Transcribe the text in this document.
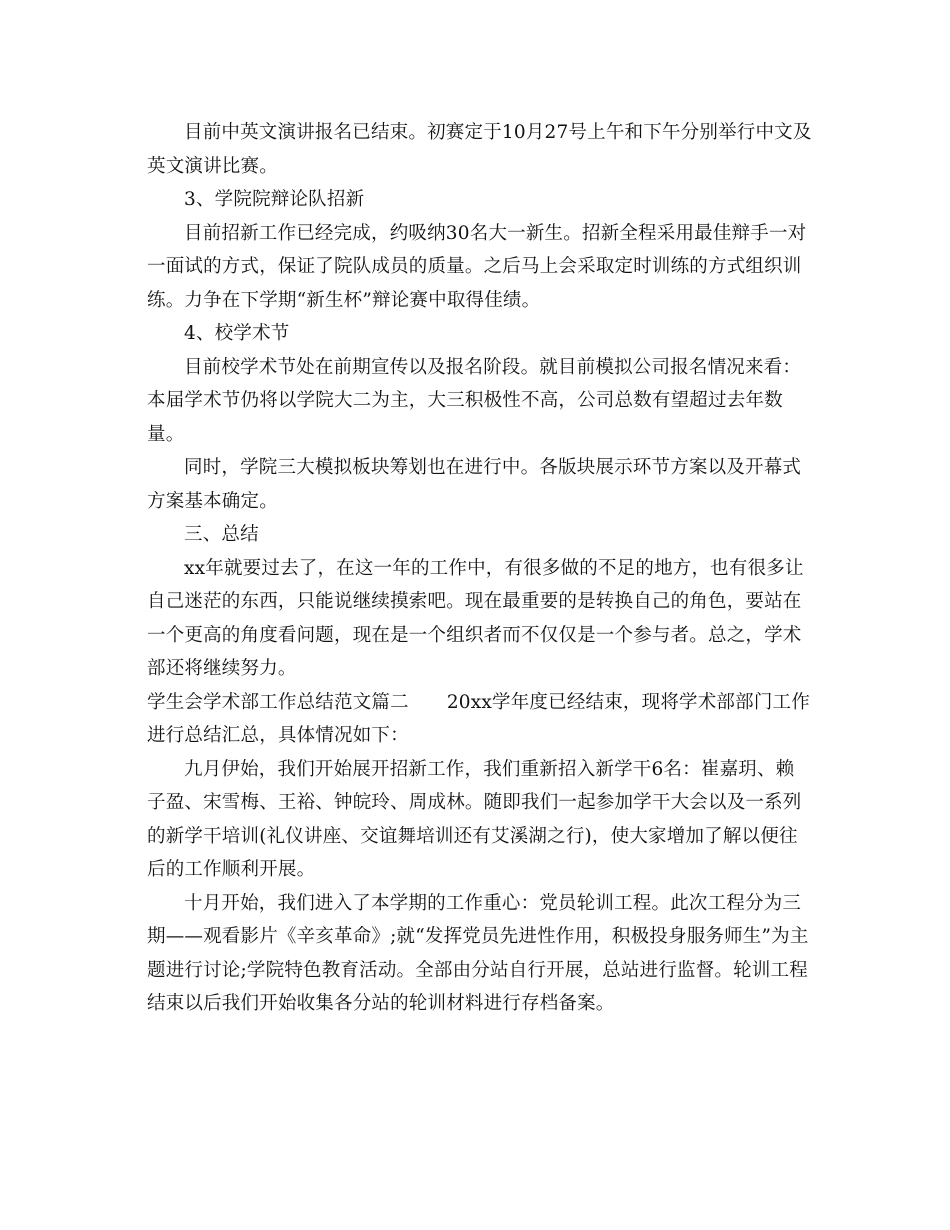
目前中英文演讲报名已结束。初赛定于10月27号上午和下午分别举行中文及英文演讲比赛。

3、学院院辩论队招新

目前招新工作已经完成，约吸纳30名大一新生。招新全程采用最佳辩手一对一面试的方式，保证了院队成员的质量。之后马上会采取定时训练的方式组织训练。力争在下学期“新生杯”辩论赛中取得佳绩。

4、校学术节

目前校学术节处在前期宣传以及报名阶段。就目前模拟公司报名情况来看：本届学术节仍将以学院大二为主，大三积极性不高，公司总数有望超过去年数量。

同时，学院三大模拟板块筹划也在进行中。各版块展示环节方案以及开幕式方案基本确定。

三、总结

xx年就要过去了，在这一年的工作中，有很多做的不足的地方，也有很多让自己迷茫的东西，只能说继续摸索吧。现在最重要的是转换自己的角色，要站在一个更高的角度看问题，现在是一个组织者而不仅仅是一个参与者。总之，学术部还将继续努力。

学生会学术部工作总结范文篇二 20xx学年度已经结束，现将学术部部门工作进行总结汇总，具体情况如下：

九月伊始，我们开始展开招新工作，我们重新招入新学干6名：崔嘉玥、赖子盈、宋雪梅、王裕、钟皖玲、周成林。随即我们一起参加学干大会以及一系列的新学干培训(礼仪讲座、交谊舞培训还有艾溪湖之行)，使大家增加了解以便往后的工作顺利开展。

十月开始，我们进入了本学期的工作重心：党员轮训工程。此次工程分为三期——观看影片《辛亥革命》;就“发挥党员先进性作用，积极投身服务师生”为主题进行讨论;学院特色教育活动。全部由分站自行开展，总站进行监督。轮训工程结束以后我们开始收集各分站的轮训材料进行存档备案。
